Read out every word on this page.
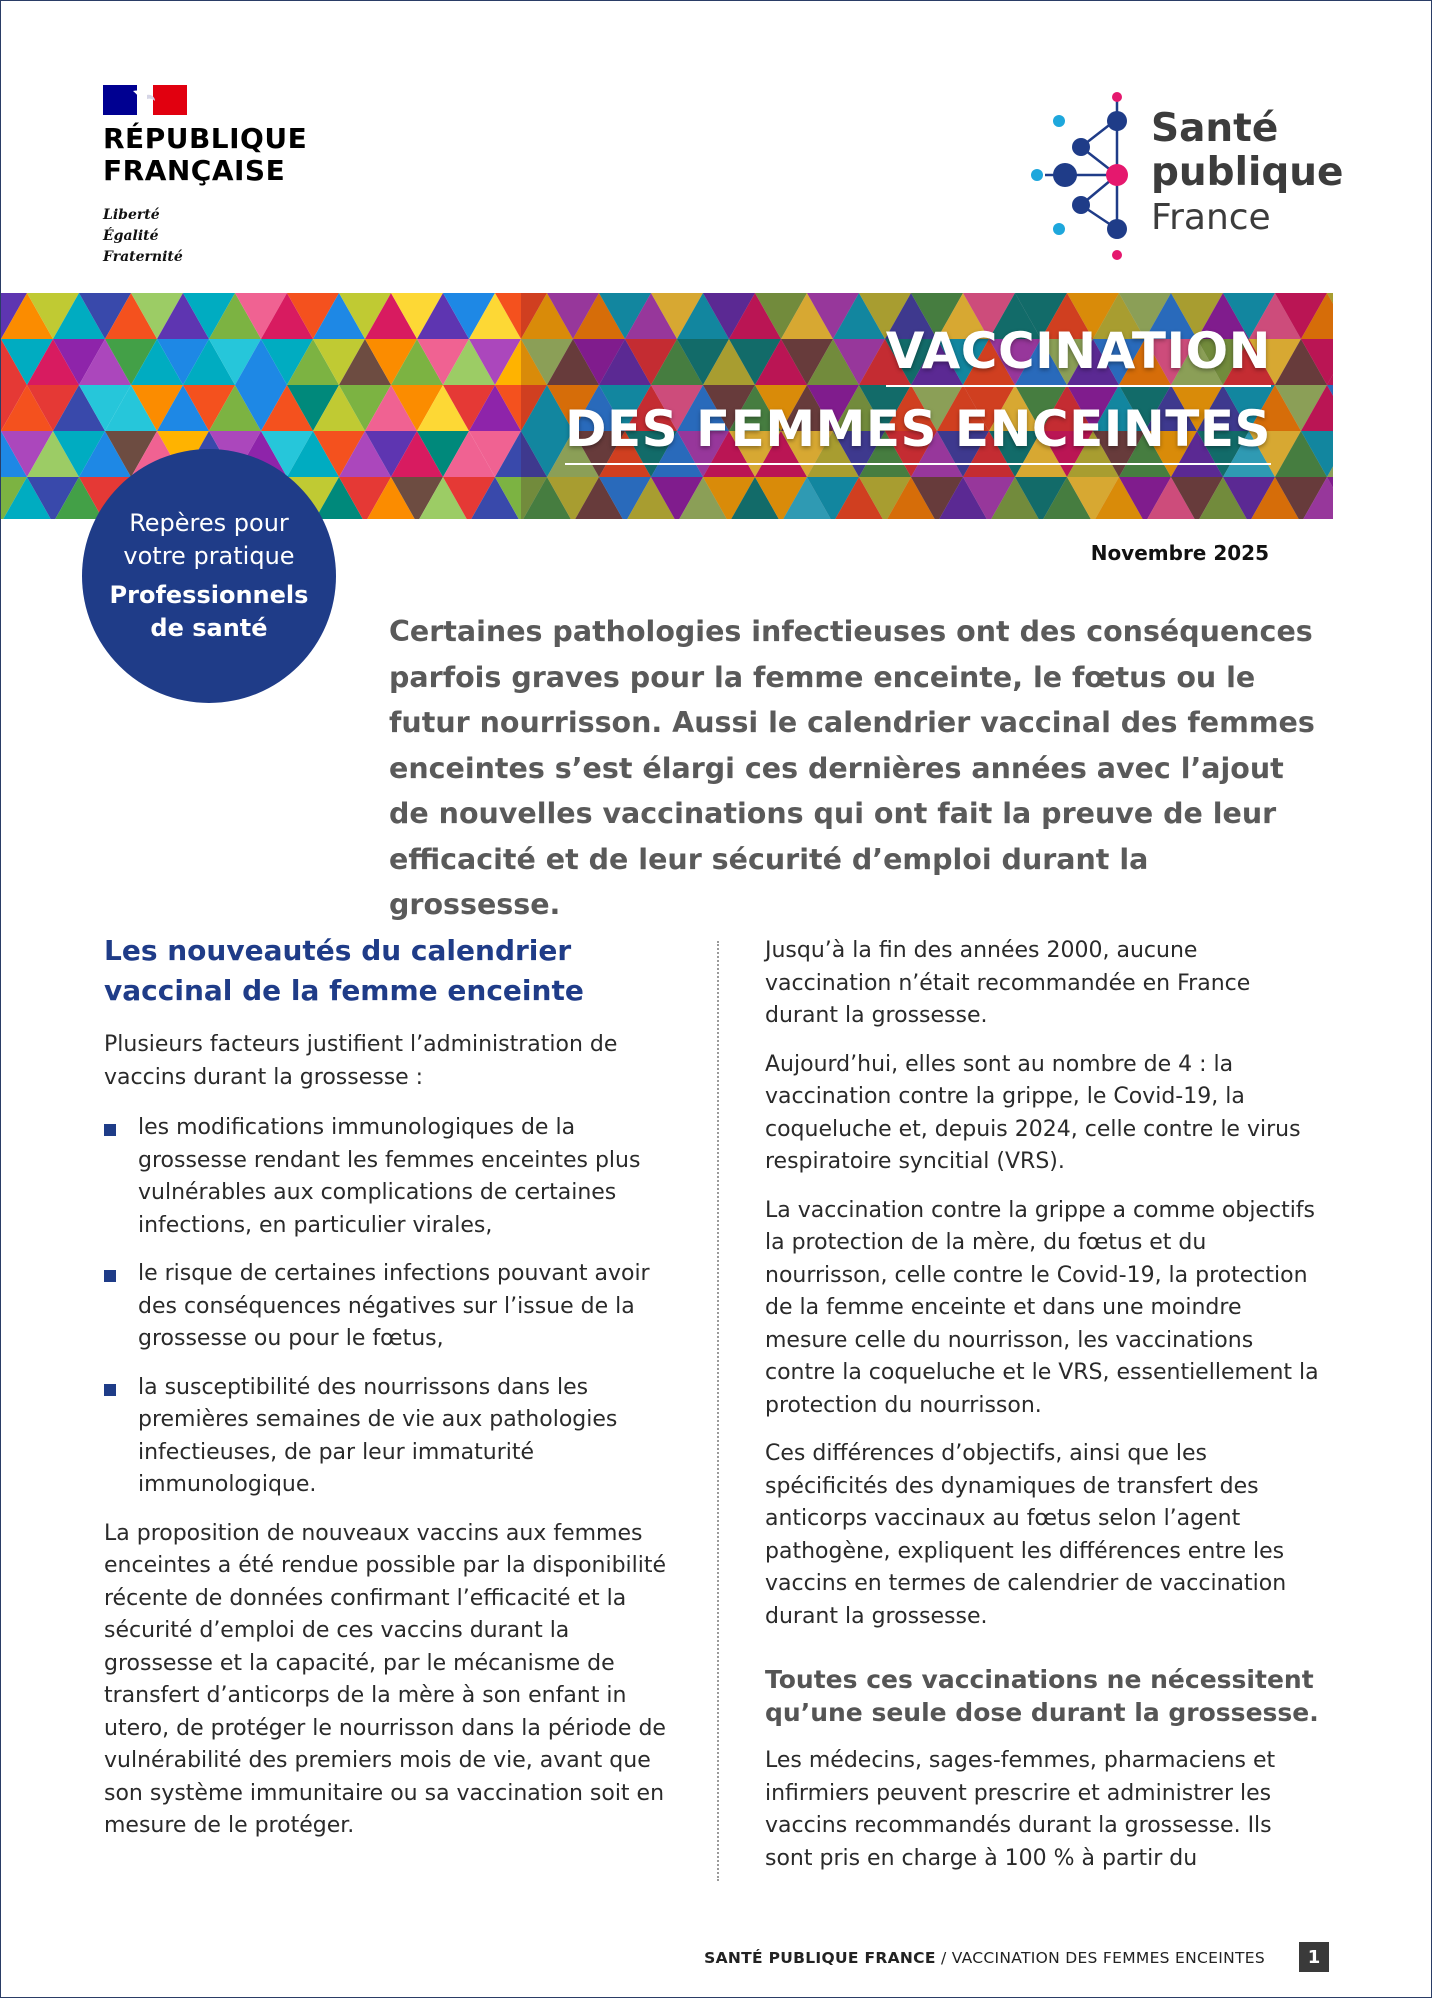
RÉPUBLIQUE
FRANÇAISE
Liberté
Égalité
Fraternité
Santé
publique
France
VACCINATION
DES FEMMES ENCEINTES
Repères pour
votre pratique
Professionnels
de santé
Novembre 2025

Certaines pathologies infectieuses ont des conséquences parfois graves pour la femme enceinte, le fœtus ou le futur nourrisson. Aussi le calendrier vaccinal des femmes enceintes s’est élargi ces dernières années avec l’ajout de nouvelles vaccinations qui ont fait la preuve de leur efficacité et de leur sécurité d’emploi durant la grossesse.

Les nouveautés du calendrier vaccinal de la femme enceinte

Plusieurs facteurs justifient l’administration de vaccins durant la grossesse :

les modifications immunologiques de la grossesse rendant les femmes enceintes plus vulnérables aux complications de certaines infections, en particulier virales,
le risque de certaines infections pouvant avoir des conséquences négatives sur l’issue de la grossesse ou pour le fœtus,
la susceptibilité des nourrissons dans les premières semaines de vie aux pathologies infectieuses, de par leur immaturité immunologique.

La proposition de nouveaux vaccins aux femmes enceintes a été rendue possible par la disponibilité récente de données confirmant l’efficacité et la sécurité d’emploi de ces vaccins durant la grossesse et la capacité, par le mécanisme de transfert d’anticorps de la mère à son enfant in utero, de protéger le nourrisson dans la période de vulnérabilité des premiers mois de vie, avant que son système immunitaire ou sa vaccination soit en mesure de le protéger.

Jusqu’à la fin des années 2000, aucune vaccination n’était recommandée en France durant la grossesse.

Aujourd’hui, elles sont au nombre de 4 : la vaccination contre la grippe, le Covid-19, la coqueluche et, depuis 2024, celle contre le virus respiratoire syncitial (VRS).

La vaccination contre la grippe a comme objectifs la protection de la mère, du fœtus et du nourrisson, celle contre le Covid-19, la protection de la femme enceinte et dans une moindre mesure celle du nourrisson, les vaccinations contre la coqueluche et le VRS, essentiellement la protection du nourrisson.

Ces différences d’objectifs, ainsi que les spécificités des dynamiques de transfert des anticorps vaccinaux au fœtus selon l’agent pathogène, expliquent les différences entre les vaccins en termes de calendrier de vaccination durant la grossesse.

Toutes ces vaccinations ne nécessitent qu’une seule dose durant la grossesse.

Les médecins, sages-femmes, pharmaciens et infirmiers peuvent prescrire et administrer les vaccins recommandés durant la grossesse. Ils sont pris en charge à 100 % à partir du

SANTÉ PUBLIQUE FRANCE / VACCINATION DES FEMMES ENCEINTES	1
